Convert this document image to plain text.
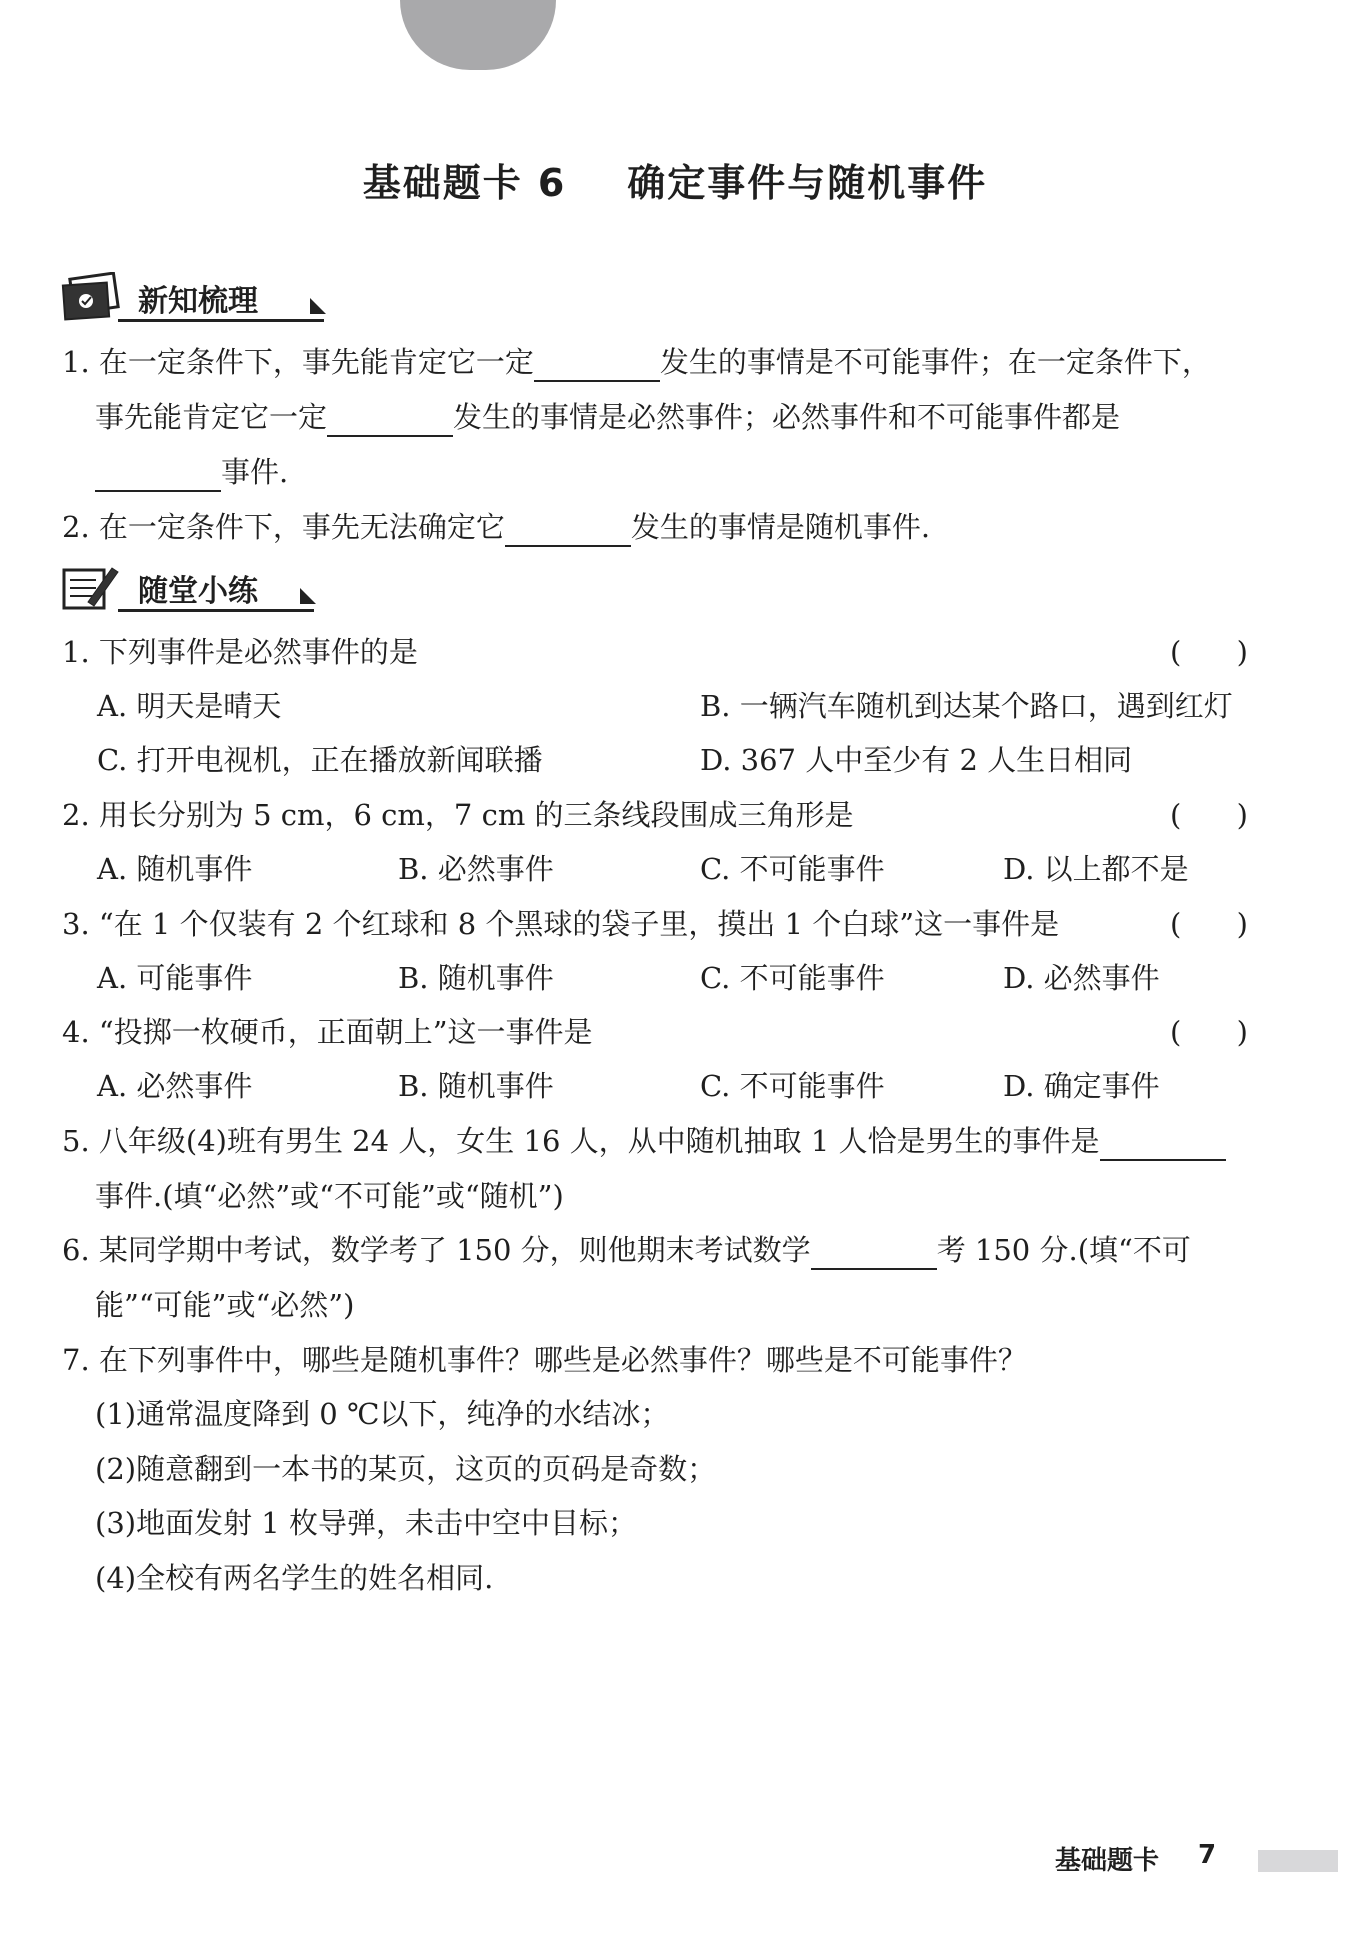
基础题卡 6    确定事件与随机事件
新知梳理
1. 在一定条件下，事先能肯定它一定	发生的事情是不可能事件；在一定条件下，
事先能肯定它一定	发生的事情是必然事件；必然事件和不可能事件都是
事件.
2. 在一定条件下，事先无法确定它	发生的事情是随机事件.
随堂小练
1. 下列事件是必然事件的是	(      )
A. 明天是晴天	B. 一辆汽车随机到达某个路口，遇到红灯
C. 打开电视机，正在播放新闻联播	D. 367 人中至少有 2 人生日相同
2. 用长分别为 5 cm，6 cm，7 cm 的三条线段围成三角形是	(      )
A. 随机事件	B. 必然事件	C. 不可能事件	D. 以上都不是
3. “在 1 个仅装有 2 个红球和 8 个黑球的袋子里，摸出 1 个白球”这一事件是	(      )
A. 可能事件	B. 随机事件	C. 不可能事件	D. 必然事件
4. “投掷一枚硬币，正面朝上”这一事件是	(      )
A. 必然事件	B. 随机事件	C. 不可能事件	D. 确定事件
5. 八年级(4)班有男生 24 人，女生 16 人，从中随机抽取 1 人恰是男生的事件是
事件.(填“必然”或“不可能”或“随机”)
6. 某同学期中考试，数学考了 150 分，则他期末考试数学	考 150 分.(填“不可
能”“可能”或“必然”)
7. 在下列事件中，哪些是随机事件？哪些是必然事件？哪些是不可能事件？
(1)通常温度降到 0 ℃以下，纯净的水结冰；
(2)随意翻到一本书的某页，这页的页码是奇数；
(3)地面发射 1 枚导弹，未击中空中目标；
(4)全校有两名学生的姓名相同.
基础题卡 7
